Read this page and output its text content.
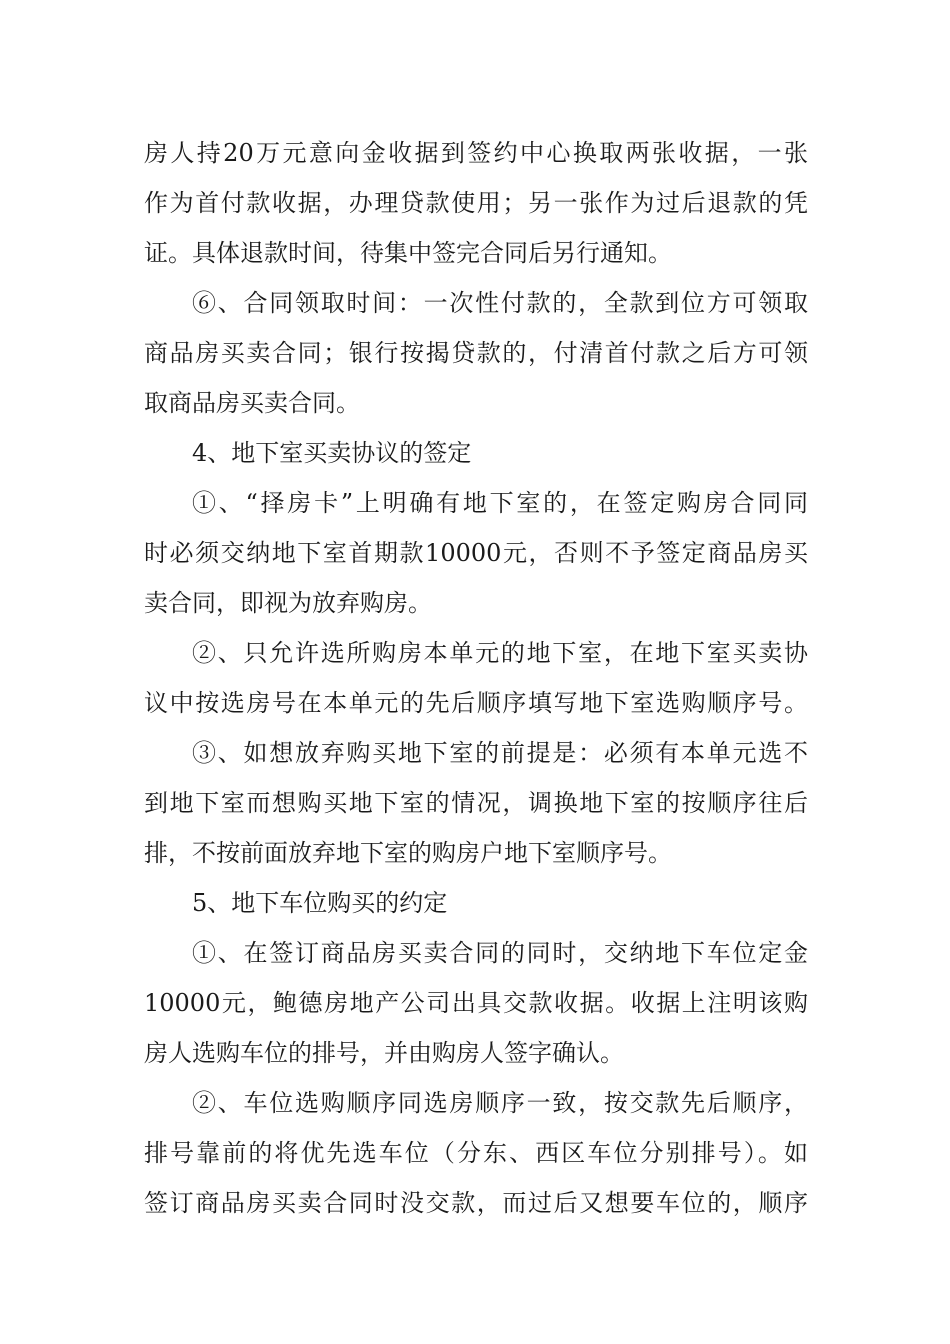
房人持20万元意向金收据到签约中心换取两张收据，一张
作为首付款收据，办理贷款使用；另一张作为过后退款的凭
证。具体退款时间，待集中签完合同后另行通知。
⑥、合同领取时间：一次性付款的，全款到位方可领取
商品房买卖合同；银行按揭贷款的，付清首付款之后方可领
取商品房买卖合同。
4、地下室买卖协议的签定
①、“择房卡”上明确有地下室的，在签定购房合同同
时必须交纳地下室首期款10000元，否则不予签定商品房买
卖合同，即视为放弃购房。
②、只允许选所购房本单元的地下室，在地下室买卖协
议中按选房号在本单元的先后顺序填写地下室选购顺序号。
③、如想放弃购买地下室的前提是：必须有本单元选不
到地下室而想购买地下室的情况，调换地下室的按顺序往后
排，不按前面放弃地下室的购房户地下室顺序号。
5、地下车位购买的约定
①、在签订商品房买卖合同的同时，交纳地下车位定金
10000元，鲍德房地产公司出具交款收据。收据上注明该购
房人选购车位的排号，并由购房人签字确认。
②、车位选购顺序同选房顺序一致，按交款先后顺序，
排号靠前的将优先选车位（分东、西区车位分别排号）。如
签订商品房买卖合同时没交款，而过后又想要车位的，顺序
